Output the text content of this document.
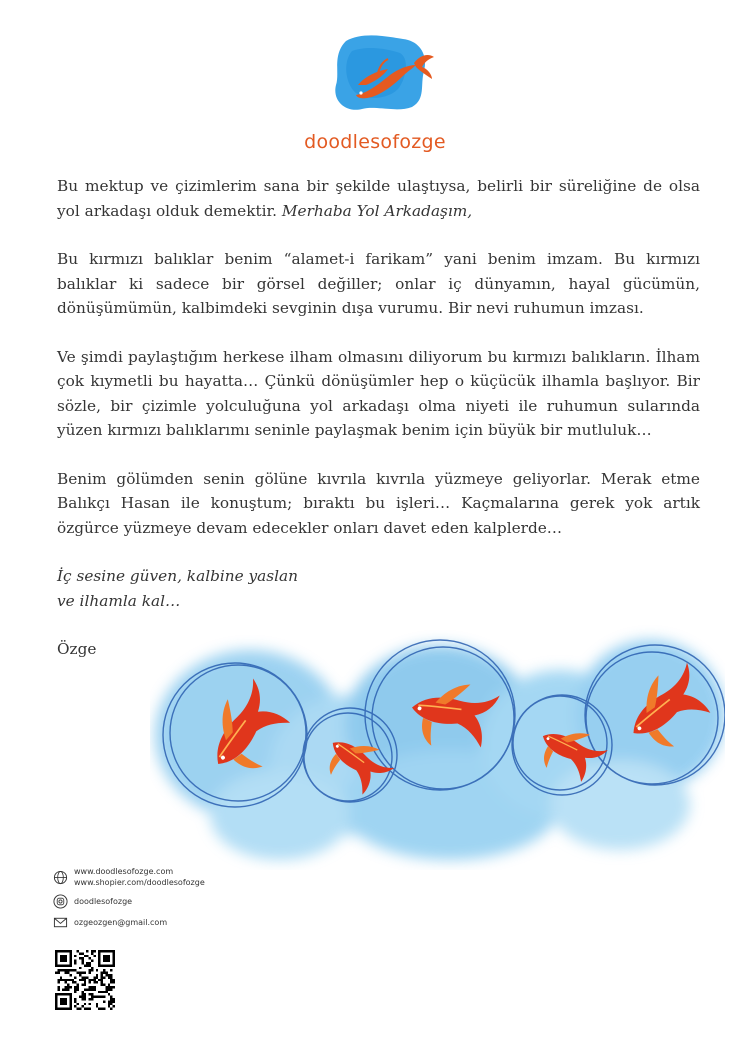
doodlesofozge

Bu mektup ve çizimlerim sana bir şekilde ulaştıysa, belirli bir süreliğine de olsa yol arkadaşı olduk demektir. Merhaba Yol Arkadaşım,

Bu kırmızı balıklar benim “alamet-i farikam” yani benim imzam. Bu kırmızı balıklar ki sadece bir görsel değiller; onlar iç dünyamın, hayal gücümün, dönüşümümün, kalbimdeki sevginin dışa vurumu. Bir nevi ruhumun imzası.

Ve şimdi paylaştığım herkese ilham olmasını diliyorum bu kırmızı balıkların. İlham çok kıymetli bu hayatta… Çünkü dönüşümler hep o küçücük ilhamla başlıyor. Bir sözle, bir çizimle yolculuğuna yol arkadaşı olma niyeti ile ruhumun sularında yüzen kırmızı balıklarımı seninle paylaşmak benim için büyük bir mutluluk…

Benim gölümden senin gölüne kıvrıla kıvrıla yüzmeye geliyorlar. Merak etme Balıkçı Hasan ile konuştum; bıraktı bu işleri… Kaçmalarına gerek yok artık özgürce yüzmeye devam edecekler onları davet eden kalplerde…

İç sesine güven, kalbine yaslan
ve ilhamla kal…
Özge
www.doodlesofozge.com
www.shopier.com/doodlesofozge
doodlesofozge
ozgeozgen@gmail.com
